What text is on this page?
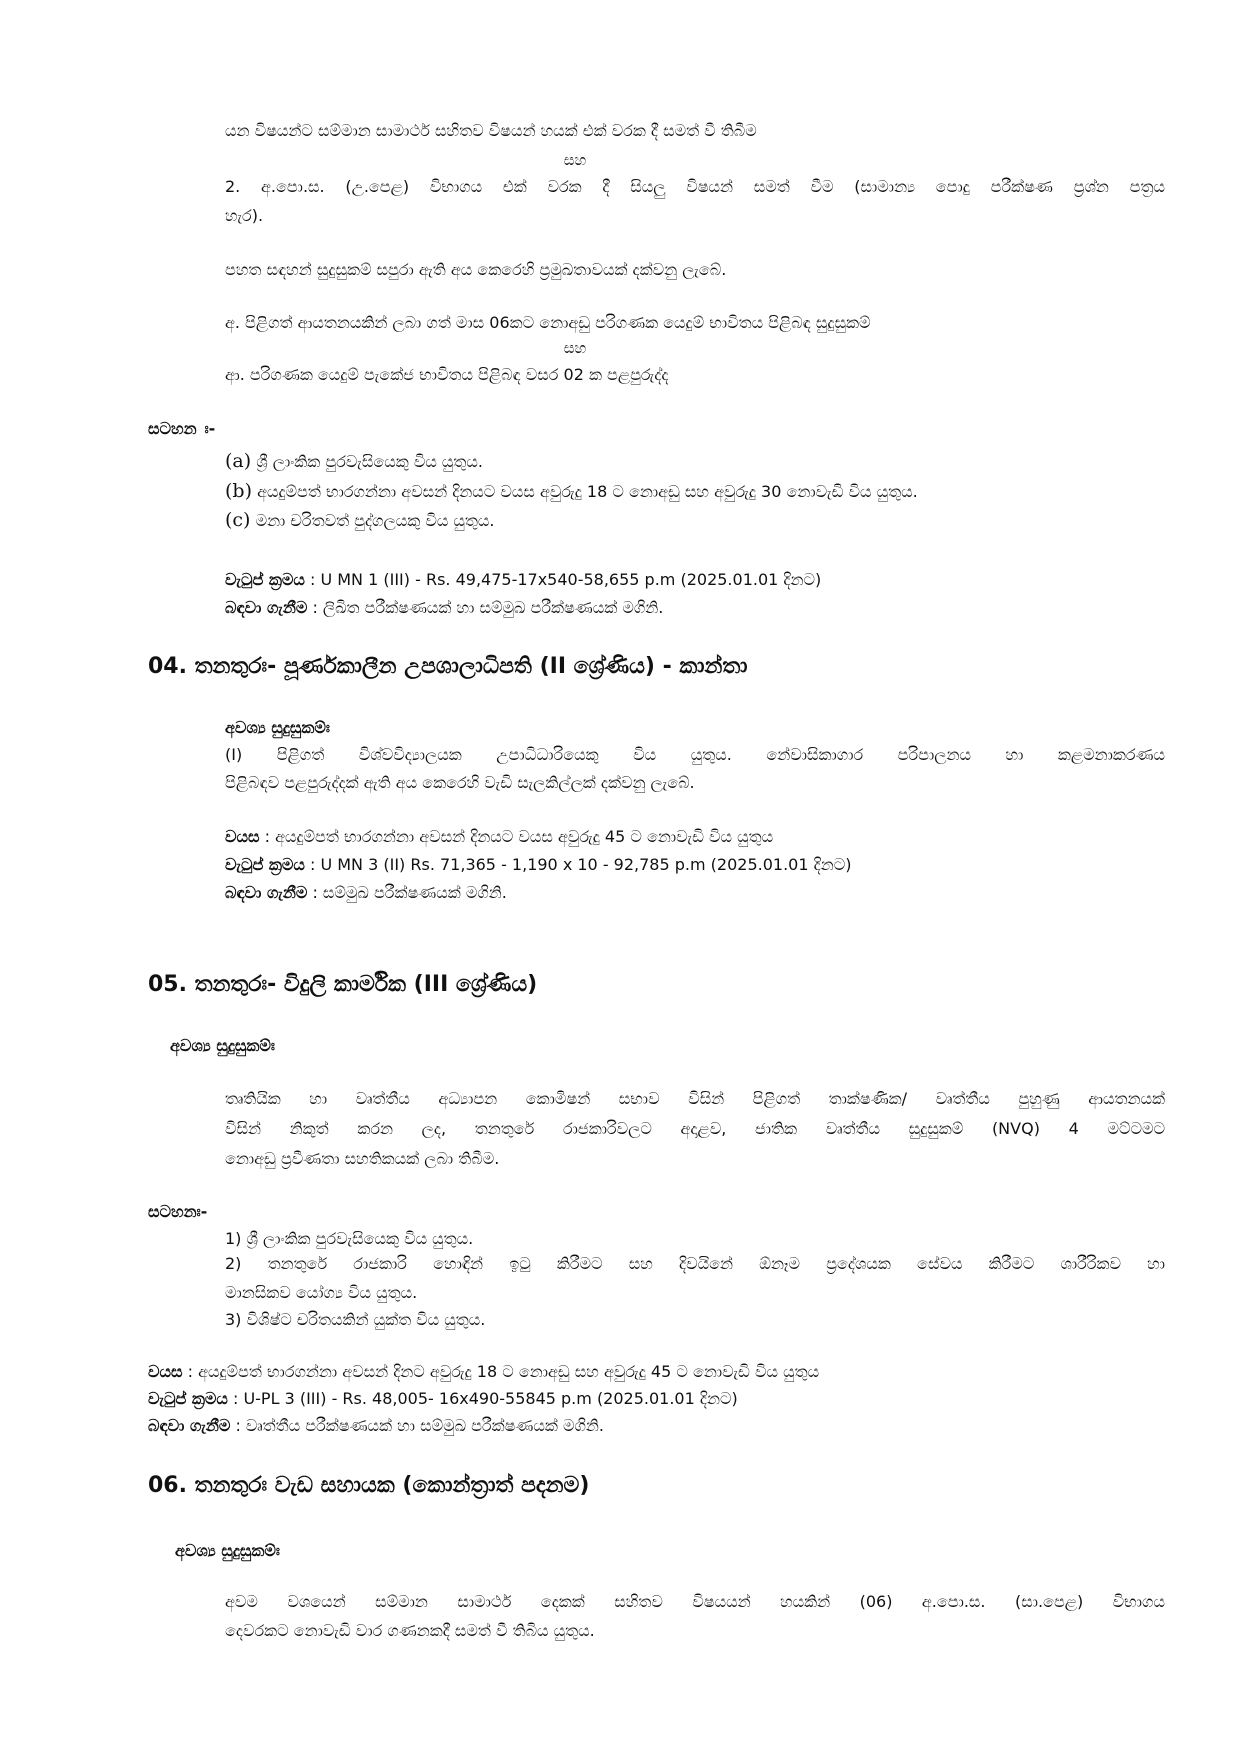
යන විෂයන්ට සම්මාන සාමාර්ථ සහිතව විෂයන් හයක් එක් වරක දී සමත් වී තිබීම
සහ
2. අ.පො.ස. (උ.පෙළ) විභාගය එක් වරක දී සියලු විෂයන් සමත් වීම (සාමාන්‍ය පොදු පරීක්ෂණ ප්‍රශ්න පත්‍රය
හැර).
පහත සඳහන් සුදුසුකම් සපුරා ඇති අය කෙරෙහි ප්‍රමුඛතාවයක් දක්වනු ලැබේ.
අ. පිළිගත් ආයතනයකින් ලබා ගත් මාස 06කට නොඅඩු පරිගණක යෙදුම් භාවිතය පිළිබඳ සුදුසුකම්
සහ
ආ. පරිගණක යෙදුම් පැකේජ භාවිතය පිළිබඳ වසර 02 ක පළපුරුද්ද
සටහන ඃ-
(a) ශ්‍රී ලාංකික පුරවැසියෙකු විය යුතුය.
(b) අයදුම්පත් භාරගන්නා අවසන් දිනයට වයස අවුරුදු 18 ට නොඅඩු සහ අවුරුදු 30 නොවැඩි විය යුතුය.
(c) මනා චරිතවත් පුද්ගලයකු විය යුතුය.
වැටුප් ක්‍රමය : U MN 1 (III) - Rs. 49,475-17x540-58,655 p.m (2025.01.01 දිනට)
බඳවා ගැනීම : ලිඛිත පරීක්ෂණයක් හා සම්මුඛ පරීක්ෂණයක් මගිනි.
04. තනතුරඃ- පූර්ණකාලීන උපශාලාධිපති (II ශ්‍රේණිය) - කාන්තා
අවශ්‍ය සුදුසුකම්ඃ
(I) පිළිගත් විශ්වවිද්‍යාලයක උපාධිධාරියෙකු විය යුතුය. නේවාසිකාගාර පරිපාලනය හා කළමනාකරණය
පිළිබඳව පළපුරුද්දක් ඇති අය කෙරෙහි වැඩි සැලකිල්ලක් දක්වනු ලැබේ.
වයස : අයදුම්පත් භාරගන්නා අවසන් දිනයට වයස අවුරුදු 45 ට නොවැඩි විය යුතුය
වැටුප් ක්‍රමය : U MN 3 (II) Rs. 71,365 - 1,190 x 10 - 92,785 p.m (2025.01.01 දිනට)
බඳවා ගැනීම : සම්මුඛ පරීක්ෂණයක් මගිනි.
05. තනතුරඃ- විදුලි කාර්මික (III ශ්‍රේණිය)
අවශ්‍ය සුදුසුකම්ඃ
තෘතියික හා වෘත්තීය අධ්‍යාපන කොමිෂන් සභාව විසින් පිළිගත් තාක්ෂණික/ වෘත්තීය පුහුණු ආයතනයක්
විසින් නිකුත් කරන ලද, තනතුරේ රාජකාරිවලට අදාළව, ජාතික වෘත්තීය සුදුසුකම් (NVQ) 4 මට්ටමට
නොඅඩු ප්‍රවීණතා සහතිකයක් ලබා තිබීම.
සටහනඃ-
1) ශ්‍රී ලාංකික පුරවැසියෙකු විය යුතුය.
2) තනතුරේ රාජකාරි හොඳින් ඉටු කිරීමට සහ දිවයිනේ ඕනෑම ප්‍රදේශයක සේවය කිරීමට ශාරීරිකව හා
මානසිකව යෝග්‍ය විය යුතුය.
3) විශිෂ්ට චරිතයකින් යුක්ත විය යුතුය.
වයස : අයදුම්පත් භාරගන්නා අවසන් දිනට අවුරුදු 18 ට නොඅඩු සහ අවුරුදු 45 ට නොවැඩි විය යුතුය
වැටුප් ක්‍රමය : U-PL 3 (III) - Rs. 48,005- 16x490-55845 p.m (2025.01.01 දිනට)
බඳවා ගැනීම : වෘත්තීය පරීක්ෂණයක් හා සම්මුඛ පරීක්ෂණයක් මගිනි.
06. තනතුරඃ වැඩ සහායක (කොන්ත්‍රාත් පදනම)
අවශ්‍ය සුදුසුකම්ඃ
අවම වශයෙන් සම්මාන සාමාර්ථ දෙකක් සහිතව විෂයයන් හයකින් (06) අ.පො.ස. (සා.පෙළ) විභාගය
දෙවරකට නොවැඩි වාර ගණනකදී සමත් වී තිබිය යුතුය.
